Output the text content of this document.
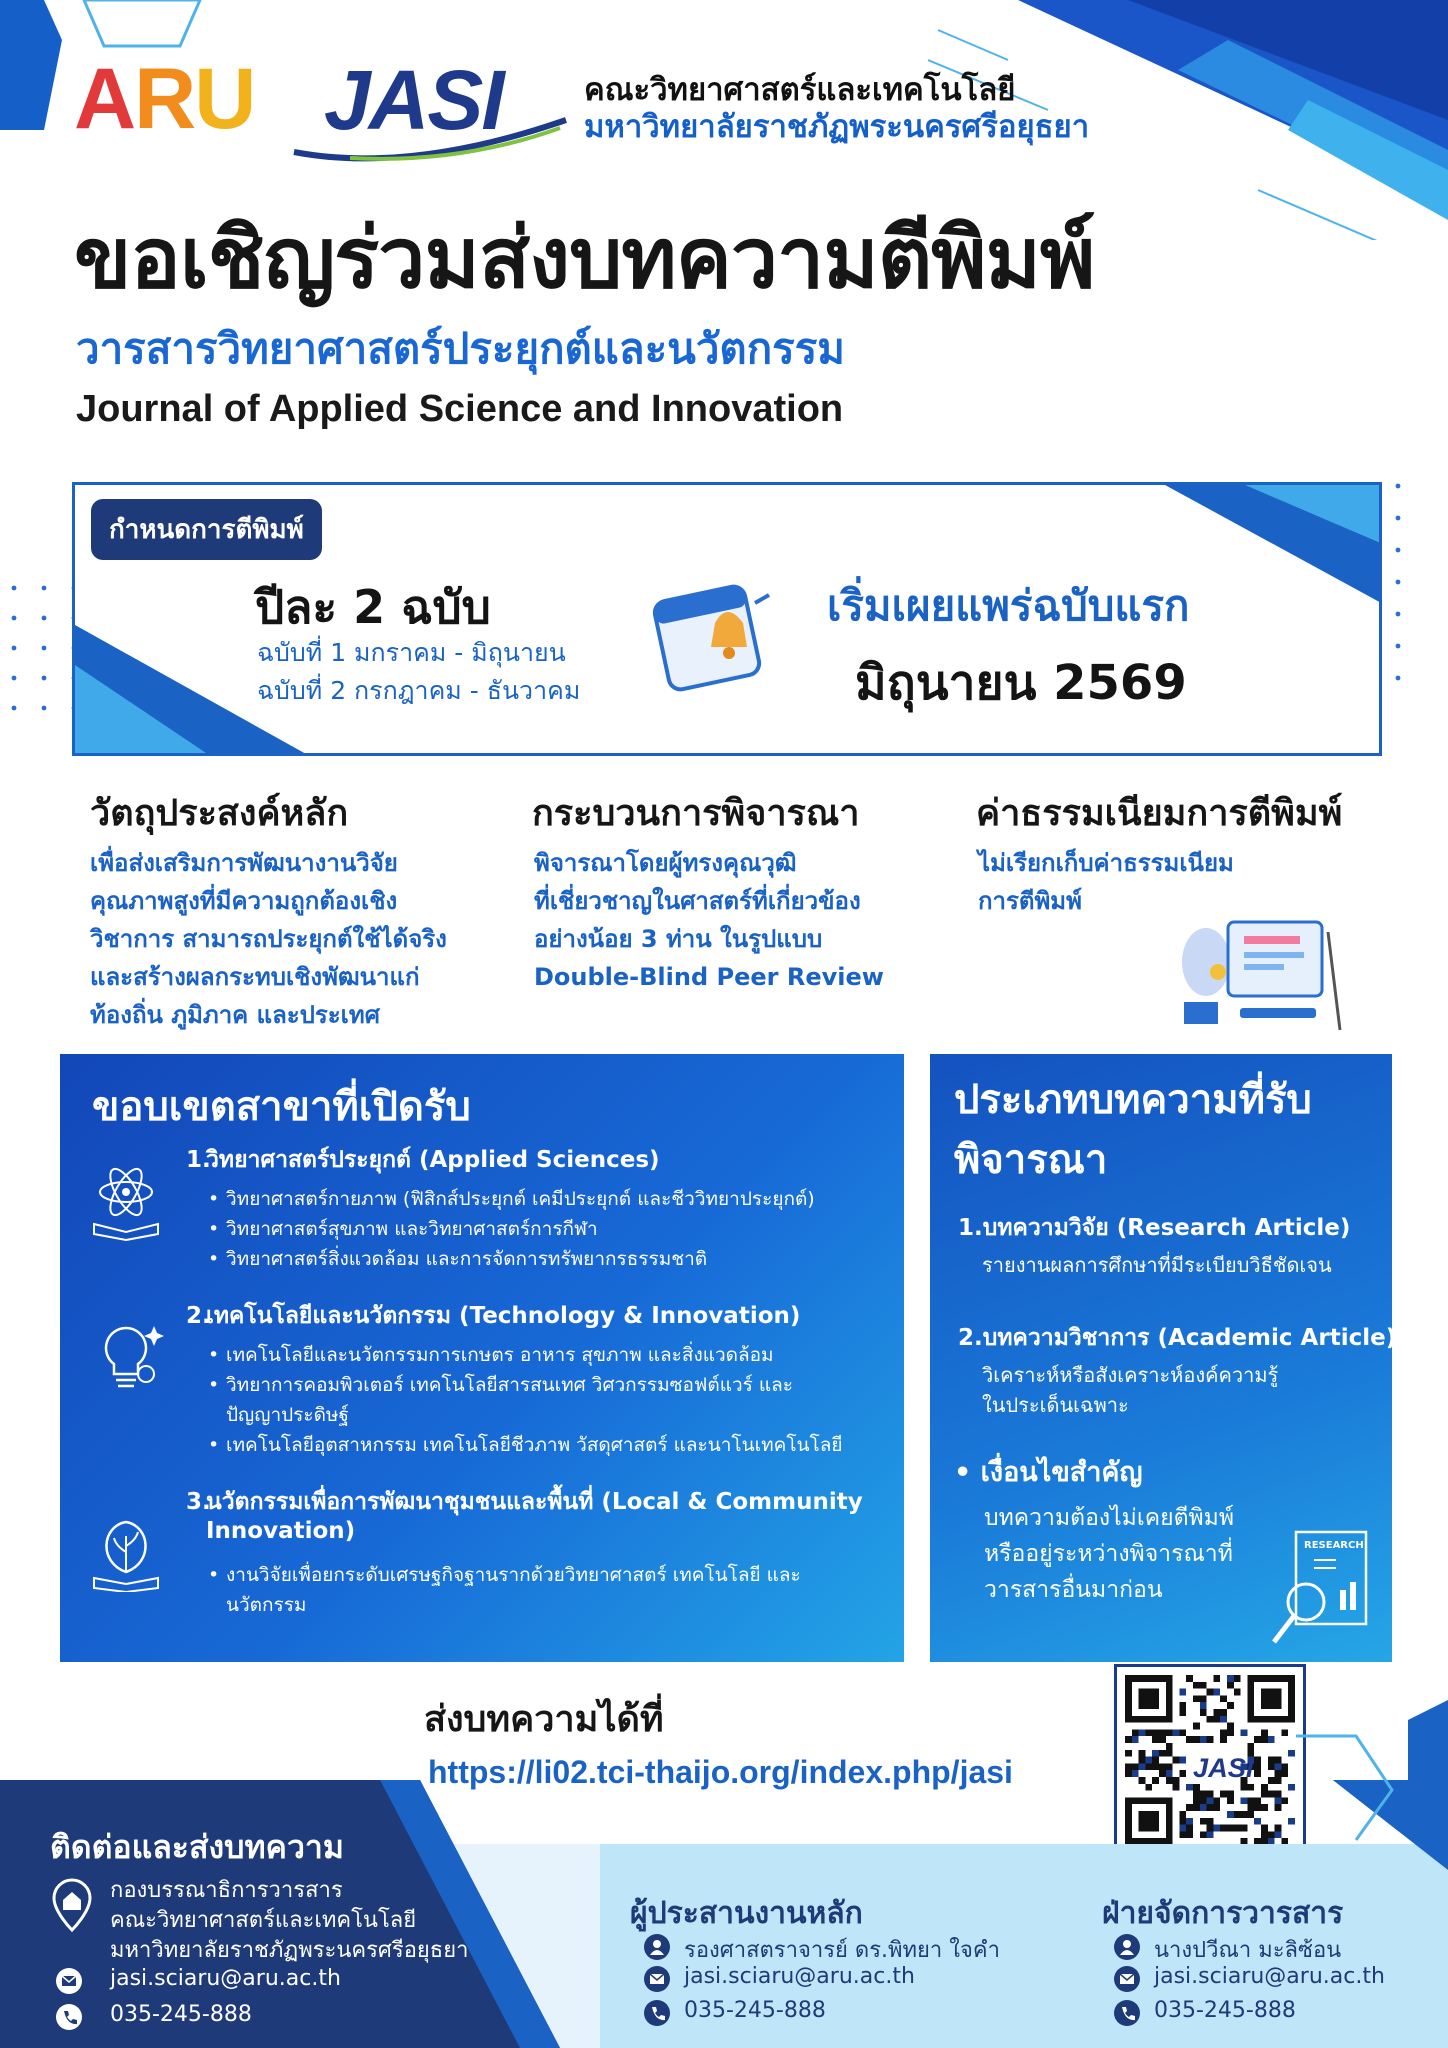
ARU JASI	คณะวิทยาศาสตร์และเทคโนโลยี
มหาวิทยาลัยราชภัฏพระนครศรีอยุธยา
ขอเชิญร่วมส่งบทความตีพิมพ์
วารสารวิทยาศาสตร์ประยุกต์และนวัตกรรม
Journal of Applied Science and Innovation
กำหนดการตีพิมพ์
ปีละ 2 ฉบับ
ฉบับที่ 1 มกราคม - มิถุนายน
ฉบับที่ 2 กรกฎาคม - ธันวาคม
เริ่มเผยแพร่ฉบับแรก
มิถุนายน 2569
วัตถุประสงค์หลัก
เพื่อส่งเสริมการพัฒนางานวิจัย
คุณภาพสูงที่มีความถูกต้องเชิง
วิชาการ สามารถประยุกต์ใช้ได้จริง
และสร้างผลกระทบเชิงพัฒนาแก่
ท้องถิ่น ภูมิภาค และประเทศ
กระบวนการพิจารณา
พิจารณาโดยผู้ทรงคุณวุฒิ
ที่เชี่ยวชาญในศาสตร์ที่เกี่ยวข้อง
อย่างน้อย 3 ท่าน ในรูปแบบ
Double-Blind Peer Review
ค่าธรรมเนียมการตีพิมพ์
ไม่เรียกเก็บค่าธรรมเนียม
การตีพิมพ์
ขอบเขตสาขาที่เปิดรับ
1.วิทยาศาสตร์ประยุกต์ (Applied Sciences)
• วิทยาศาสตร์กายภาพ (ฟิสิกส์ประยุกต์ เคมีประยุกต์ และชีววิทยาประยุกต์)
• วิทยาศาสตร์สุขภาพ และวิทยาศาสตร์การกีฬา
• วิทยาศาสตร์สิ่งแวดล้อม และการจัดการทรัพยากรธรรมชาติ
2.เทคโนโลยีและนวัตกรรม (Technology & Innovation)
• เทคโนโลยีและนวัตกรรมการเกษตร อาหาร สุขภาพ และสิ่งแวดล้อม
• วิทยาการคอมพิวเตอร์ เทคโนโลยีสารสนเทศ วิศวกรรมซอฟต์แวร์ และ
ปัญญาประดิษฐ์
• เทคโนโลยีอุตสาหกรรม เทคโนโลยีชีวภาพ วัสดุศาสตร์ และนาโนเทคโนโลยี
3.นวัตกรรมเพื่อการพัฒนาชุมชนและพื้นที่ (Local & Community
Innovation)
• งานวิจัยเพื่อยกระดับเศรษฐกิจฐานรากด้วยวิทยาศาสตร์ เทคโนโลยี และ
นวัตกรรม
ประเภทบทความที่รับ
พิจารณา
1.บทความวิจัย (Research Article)
รายงานผลการศึกษาที่มีระเบียบวิธีชัดเจน
2.บทความวิชาการ (Academic Article)
วิเคราะห์หรือสังเคราะห์องค์ความรู้
ในประเด็นเฉพาะ
• เงื่อนไขสำคัญ
บทความต้องไม่เคยตีพิมพ์
หรืออยู่ระหว่างพิจารณาที่
วารสารอื่นมาก่อน
RESEARCH
ส่งบทความได้ที่
https://li02.tci-thaijo.org/index.php/jasi	JASI
ติดต่อและส่งบทความ
กองบรรณาธิการวารสาร
คณะวิทยาศาสตร์และเทคโนโลยี
มหาวิทยาลัยราชภัฏพระนครศรีอยุธยา
jasi.sciaru@aru.ac.th
035-245-888
ผู้ประสานงานหลัก
รองศาสตราจารย์ ดร.พิทยา ใจคำ
jasi.sciaru@aru.ac.th
035-245-888
ฝ่ายจัดการวารสาร
นางปวีณา มะลิซ้อน
jasi.sciaru@aru.ac.th
035-245-888
